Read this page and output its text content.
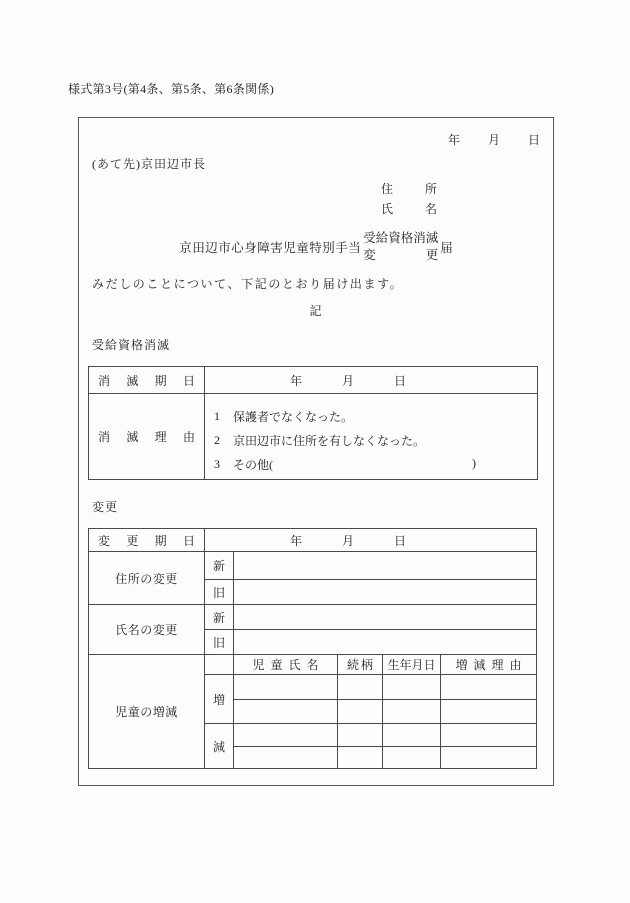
様式第3号(第4条、第5条、第6条関係)
年 月 日
(あて先)京田辺市長
住	所
氏	名
京田辺市心身障害児童特別手当
受給資格消滅
変	更 届
みだしのことについて、下記のとおり届け出ます。
記
受給資格消滅
消 滅 期 日	年 月 日

消 滅 理 由

1	保護者でなくなった。
2	京田辺市に住所を有しなくなった。
3	その他(	)
変更
変 更 期 日	年 月 日				

住所の変更	新				
	旧				
氏名の変更	新				
	旧				
児童の増減		児童氏名	続柄	生年月日	増減理由
	増				

	減				
